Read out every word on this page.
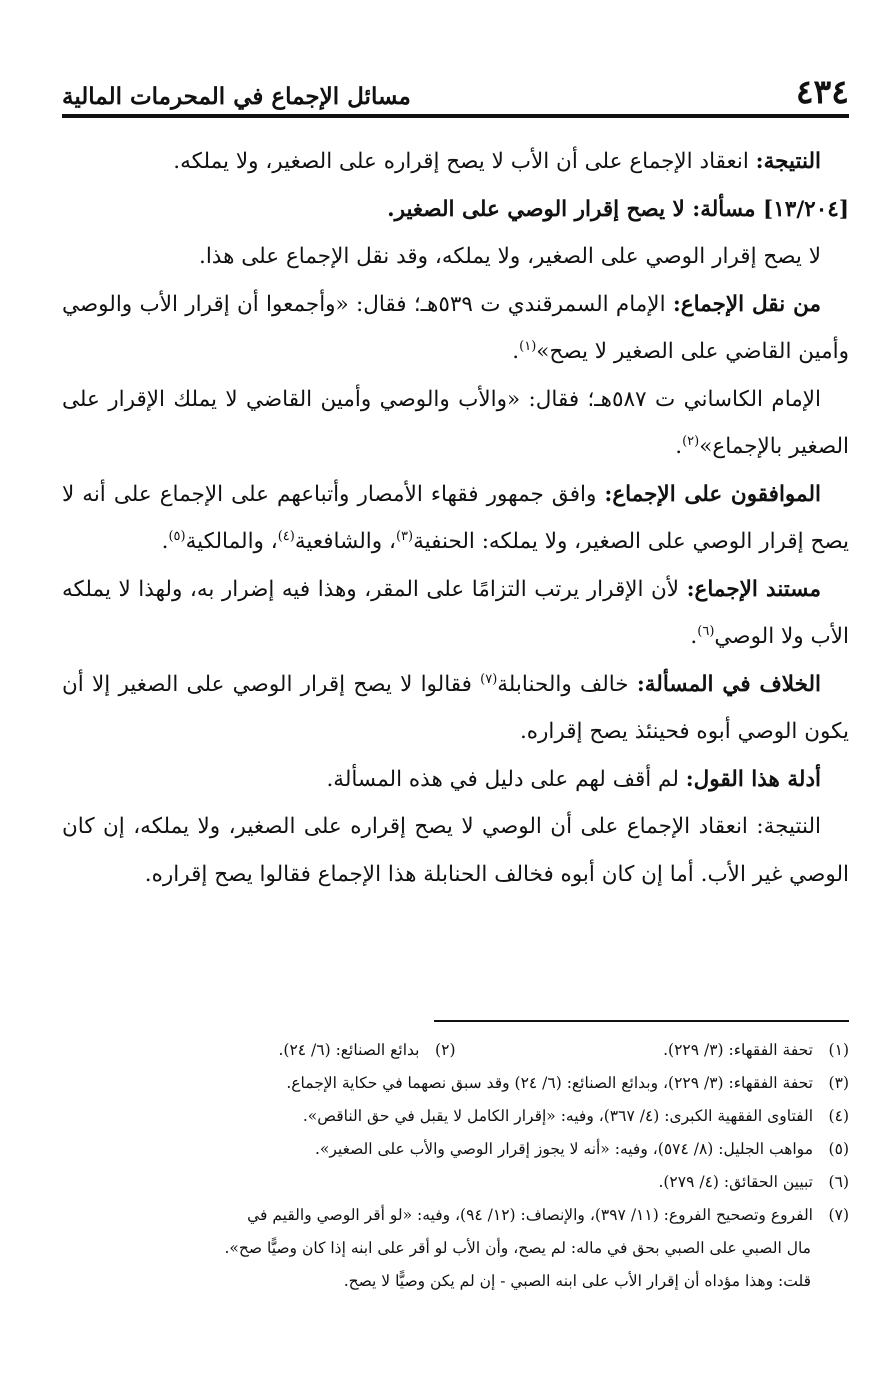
٤٣٤
مسائل الإجماع في المحرمات المالية

النتيجة: انعقاد الإجماع على أن الأب لا يصح إقراره على الصغير، ولا يملكه.

[١٣/٢٠٤] مسألة: لا يصح إقرار الوصي على الصغير.

لا يصح إقرار الوصي على الصغير، ولا يملكه، وقد نقل الإجماع على هذا.

من نقل الإجماع: الإمام السمرقندي ت ٥٣٩هـ؛ فقال: «وأجمعوا أن إقرار الأب والوصي وأمين القاضي على الصغير لا يصح»$^{(١)}$.

الإمام الكاساني ت ٥٨٧هـ؛ فقال: «والأب والوصي وأمين القاضي لا يملك الإقرار على الصغير بالإجماع»$^{(٢)}$.

الموافقون على الإجماع: وافق جمهور فقهاء الأمصار وأتباعهم على الإجماع على أنه لا يصح إقرار الوصي على الصغير، ولا يملكه: الحنفية$^{(٣)}$، والشافعية$^{(٤)}$، والمالكية$^{(٥)}$.

مستند الإجماع: لأن الإقرار يرتب التزامًا على المقر، وهذا فيه إضرار به، ولهذا لا يملكه الأب ولا الوصي$^{(٦)}$.

الخلاف في المسألة: خالف والحنابلة$^{(٧)}$ فقالوا لا يصح إقرار الوصي على الصغير إلا أن يكون الوصي أبوه فحينئذ يصح إقراره.

أدلة هذا القول: لم أقف لهم على دليل في هذه المسألة.

النتيجة: انعقاد الإجماع على أن الوصي لا يصح إقراره على الصغير، ولا يملكه، إن كان الوصي غير الأب. أما إن كان أبوه فخالف الحنابلة هذا الإجماع فقالوا يصح إقراره.

(١)تحفة الفقهاء: (٣/ ٢٢٩).

(٢)بدائع الصنائع: (٦/ ٢٤).

(٣)تحفة الفقهاء: (٣/ ٢٢٩)، وبدائع الصنائع: (٦/ ٢٤) وقد سبق نصهما في حكاية الإجماع.

(٤)الفتاوى الفقهية الكبرى: (٤/ ٣٦٧)، وفيه: «إقرار الكامل لا يقبل في حق الناقص».

(٥)مواهب الجليل: (٨/ ٥٧٤)، وفيه: «أنه لا يجوز إقرار الوصي والأب على الصغير».

(٦)تبيين الحقائق: (٤/ ٢٧٩).

(٧)الفروع وتصحيح الفروع: (١١/ ٣٩٧)، والإنصاف: (١٢/ ٩٤)، وفيه: «لو أقر الوصي والقيم في

مال الصبي على الصبي بحق في ماله: لم يصح، وأن الأب لو أقر على ابنه إذا كان وصيًّا صح».

قلت: وهذا مؤداه أن إقرار الأب على ابنه الصبي - إن لم يكن وصيًّا لا يصح.
